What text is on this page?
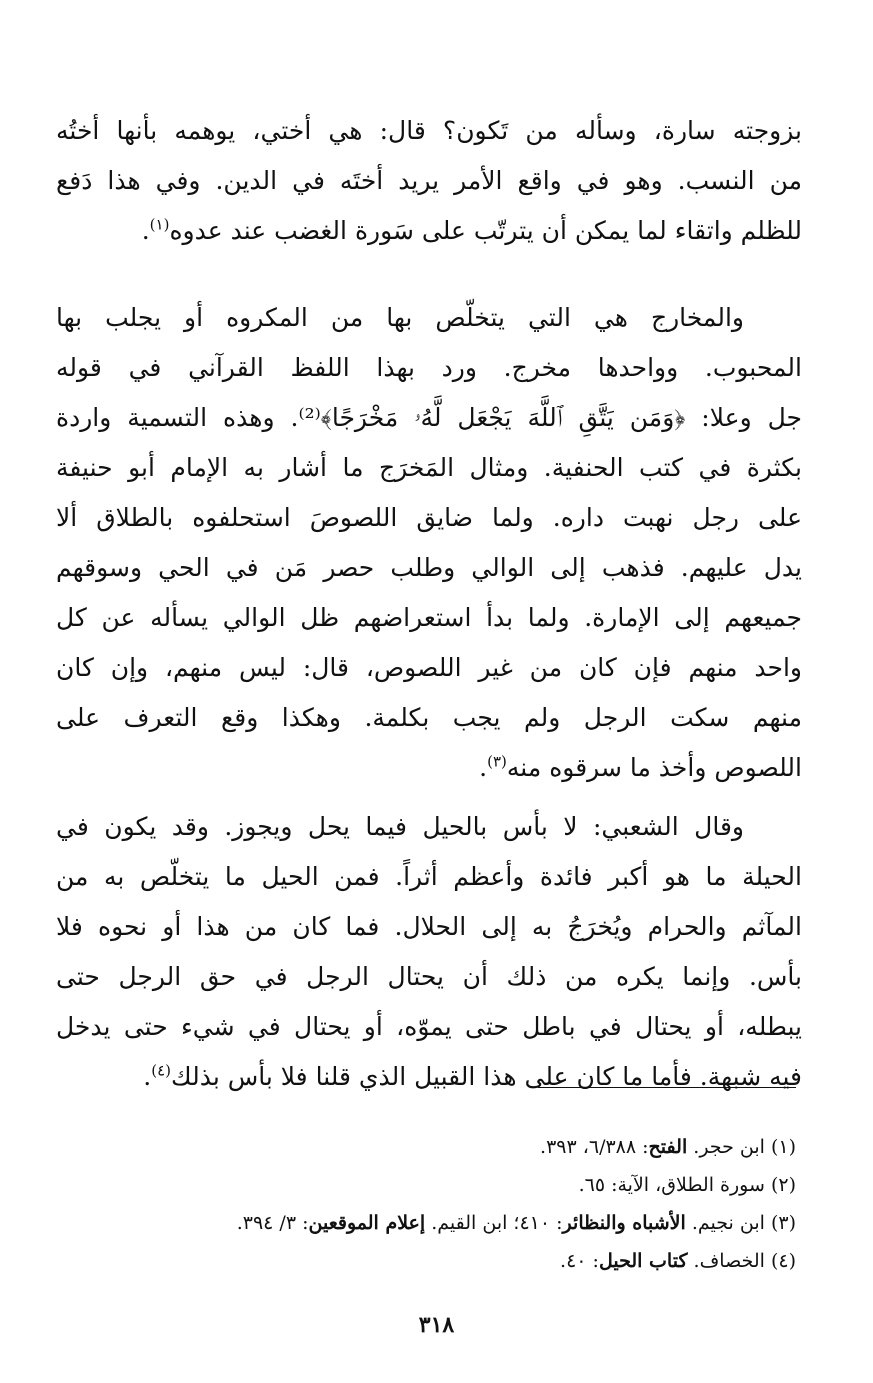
بزوجته سارة، وسأله من تَكون؟ قال: هي أختي، يوهمه بأنها أختُه
من النسب. وهو في واقع الأمر يريد أختَه في الدين. وفي هذا دَفع
للظلم واتقاء لما يمكن أن يترتّب على سَورة الغضب عند عدوه$^{(١)}$.
والمخارج هي التي يتخلّص بها من المكروه أو يجلب بها
المحبوب. وواحدها مخرج. ورد بهذا اللفظ القرآني في قوله
جل وعلا: ﴿وَمَن يَتَّقِ ٱللَّهَ يَجْعَل لَّهُۥ مَخْرَجًا﴾⁽²⁾. وهذه التسمية واردة
بكثرة في كتب الحنفية. ومثال المَخرَج ما أشار به الإمام أبو حنيفة
على رجل نهبت داره. ولما ضايق اللصوصَ استحلفوه بالطلاق ألا
يدل عليهم. فذهب إلى الوالي وطلب حصر مَن في الحي وسوقهم
جميعهم إلى الإمارة. ولما بدأ استعراضهم ظل الوالي يسأله عن كل
واحد منهم فإن كان من غير اللصوص، قال: ليس منهم، وإن كان
منهم سكت الرجل ولم يجب بكلمة. وهكذا وقع التعرف على
اللصوص وأخذ ما سرقوه منه$^{(٣)}$.
وقال الشعبي: لا بأس بالحيل فيما يحل ويجوز. وقد يكون في
الحيلة ما هو أكبر فائدة وأعظم أثراً. فمن الحيل ما يتخلّص به من
المآثم والحرام ويُخرَجُ به إلى الحلال. فما كان من هذا أو نحوه فلا
بأس. وإنما يكره من ذلك أن يحتال الرجل في حق الرجل حتى
يبطله، أو يحتال في باطل حتى يموّه، أو يحتال في شيء حتى يدخل
فيه شبهة. فأما ما كان على هذا القبيل الذي قلنا فلا بأس بذلك$^{(٤)}$.
(١) ابن حجر. الفتح: ٦/٣٨٨، ٣٩٣.
(٢) سورة الطلاق، الآية: ٦٥.
(٣) ابن نجيم. الأشباه والنظائر: ٤١٠؛ ابن القيم. إعلام الموقعين: ٣/ ٣٩٤.
(٤) الخصاف. كتاب الحيل: ٤٠.
٣١٨
